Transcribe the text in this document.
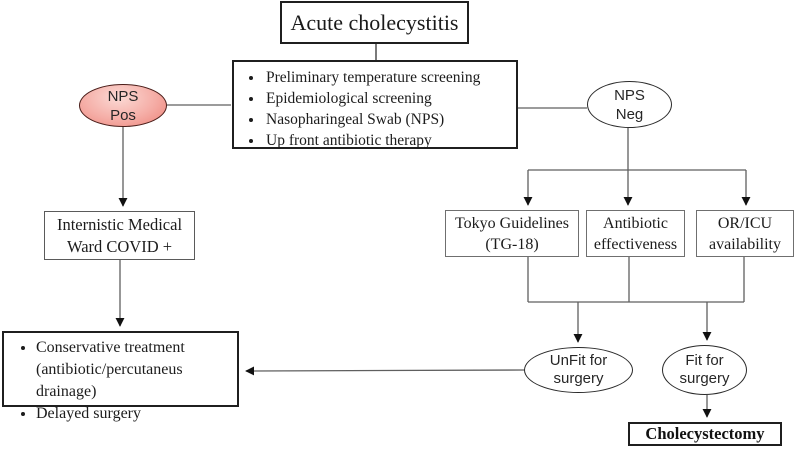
Acute cholecystitis
• Preliminary temperature screening
• Epidemiological screening
• Nasopharingeal Swab (NPS)
• Up front antibiotic therapy
NPS
Pos
NPS
Neg
Internistic Medical
Ward COVID +
Tokyo Guidelines
(TG-18)
Antibiotic
effectiveness
OR/ICU
availability
• Conservative treatment (antibiotic/percutaneus drainage)
• Delayed surgery
UnFit for
surgery
Fit for
surgery
Cholecystectomy
